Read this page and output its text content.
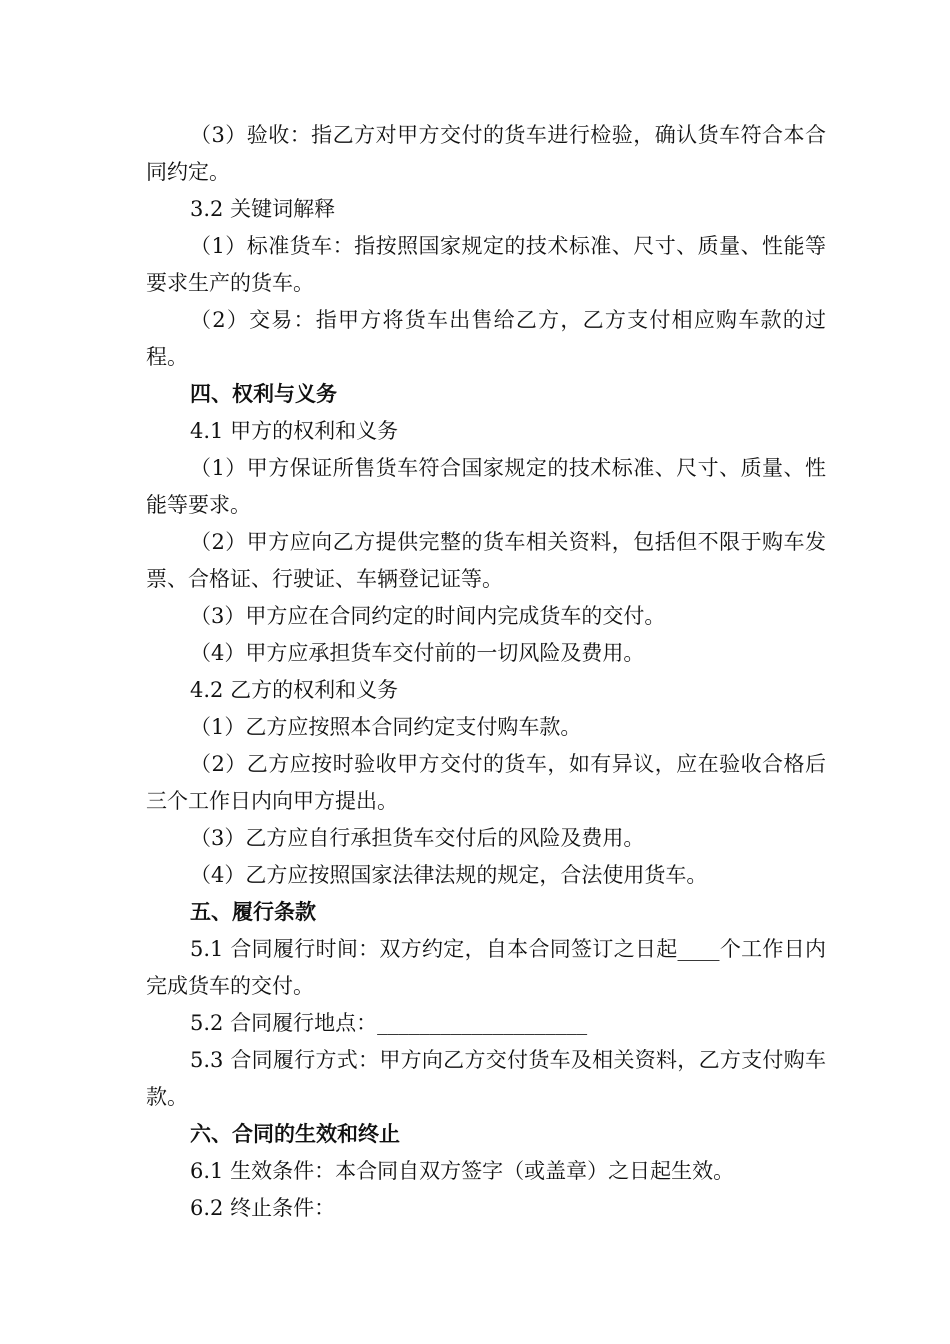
（3）验收：指乙方对甲方交付的货车进行检验，确认货车符合本合同约定。

3.2 关键词解释

（1）标准货车：指按照国家规定的技术标准、尺寸、质量、性能等要求生产的货车。

（2）交易：指甲方将货车出售给乙方，乙方支付相应购车款的过程。

四、权利与义务

4.1 甲方的权利和义务

（1）甲方保证所售货车符合国家规定的技术标准、尺寸、质量、性能等要求。

（2）甲方应向乙方提供完整的货车相关资料，包括但不限于购车发票、合格证、行驶证、车辆登记证等。

（3）甲方应在合同约定的时间内完成货车的交付。

（4）甲方应承担货车交付前的一切风险及费用。

4.2 乙方的权利和义务

（1）乙方应按照本合同约定支付购车款。

（2）乙方应按时验收甲方交付的货车，如有异议，应在验收合格后三个工作日内向甲方提出。

（3）乙方应自行承担货车交付后的风险及费用。

（4）乙方应按照国家法律法规的规定，合法使用货车。

五、履行条款

5.1 合同履行时间：双方约定，自本合同签订之日起____个工作日内完成货车的交付。

5.2 合同履行地点：____________________

5.3 合同履行方式：甲方向乙方交付货车及相关资料，乙方支付购车款。

六、合同的生效和终止

6.1 生效条件：本合同自双方签字（或盖章）之日起生效。

6.2 终止条件：
